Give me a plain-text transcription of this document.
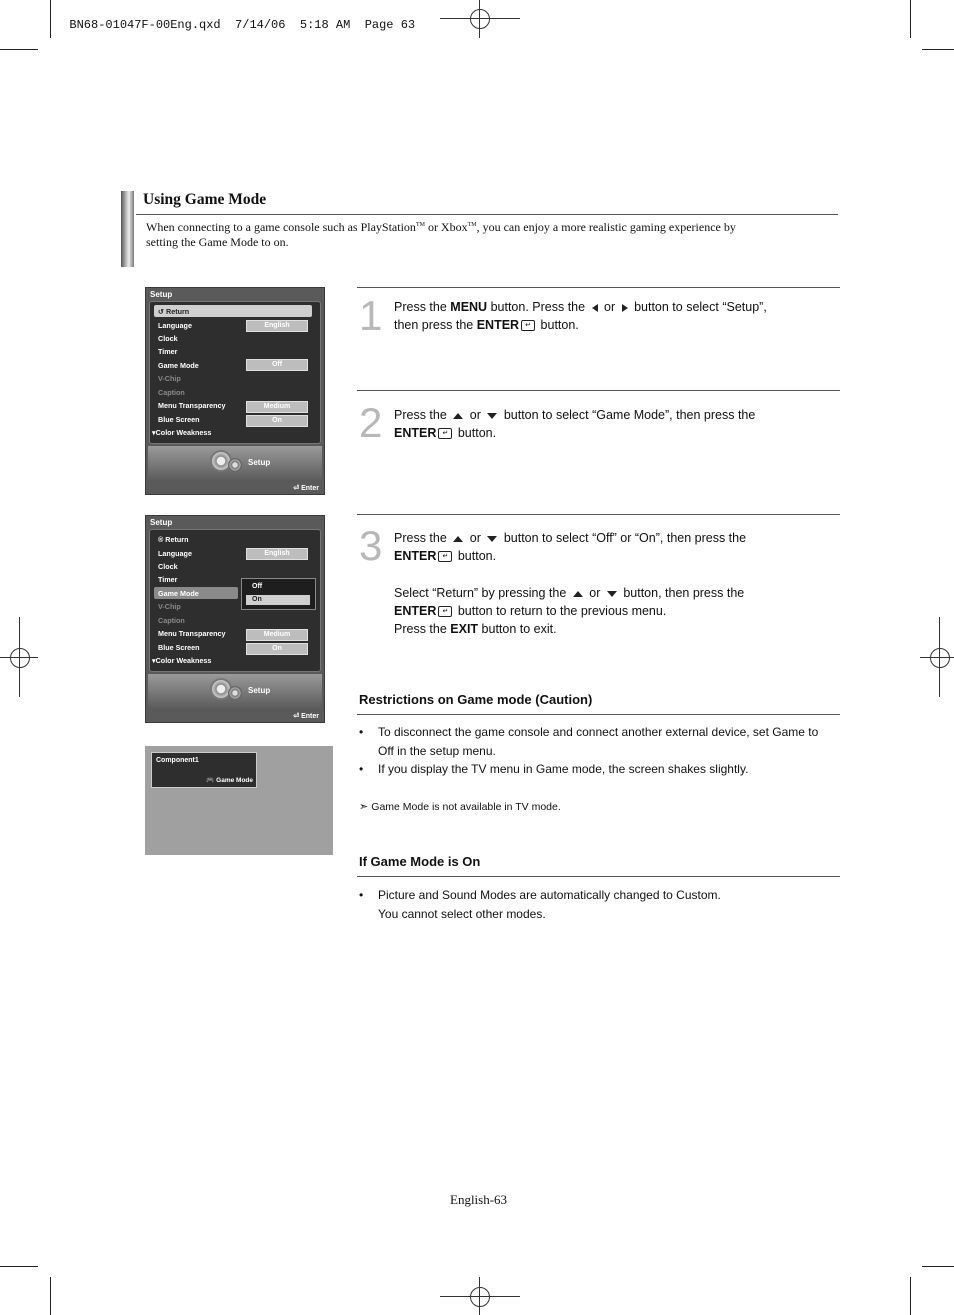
BN68-01047F-00Eng.qxd 7/14/06 5:18 AM Page 63

Using Game Mode
When connecting to a game console such as PlayStation™ or Xbox™, you can enjoy a more realistic gaming experience by
setting the Game Mode to on.
Setup
↺ Return
Language	English
Clock
Timer
Game Mode	Off
V-Chip
Caption
Menu Transparency	Medium
Blue Screen	On
▾Color Weakness
Setup
⏎ Enter
Setup
® Return
Language	English
Clock
Timer
Game Mode
V-Chip
Caption
Menu Transparency	Medium
Blue Screen	On
▾Color Weakness
Off
On
Setup
⏎ Enter
Component1
🎮 Game Mode
1 Press the MENU button. Press the  or  button to select “Setup”,
then press the ENTER ↵ button.
2 Press the  or  button to select “Game Mode”, then press the
ENTER ↵ button.
3 Press the  or  button to select “Off” or “On”, then press the
ENTER ↵ button.
Select “Return” by pressing the  or  button, then press the
ENTER ↵ button to return to the previous menu.
Press the EXIT button to exit.
Restrictions on Game mode (Caution)
• To disconnect the game console and connect another external device, set Game to
Off in the setup menu.
• If you display the TV menu in Game mode, the screen shakes slightly.
➣ Game Mode is not available in TV mode.
If Game Mode is On
• Picture and Sound Modes are automatically changed to Custom.
You cannot select other modes.
English-63
